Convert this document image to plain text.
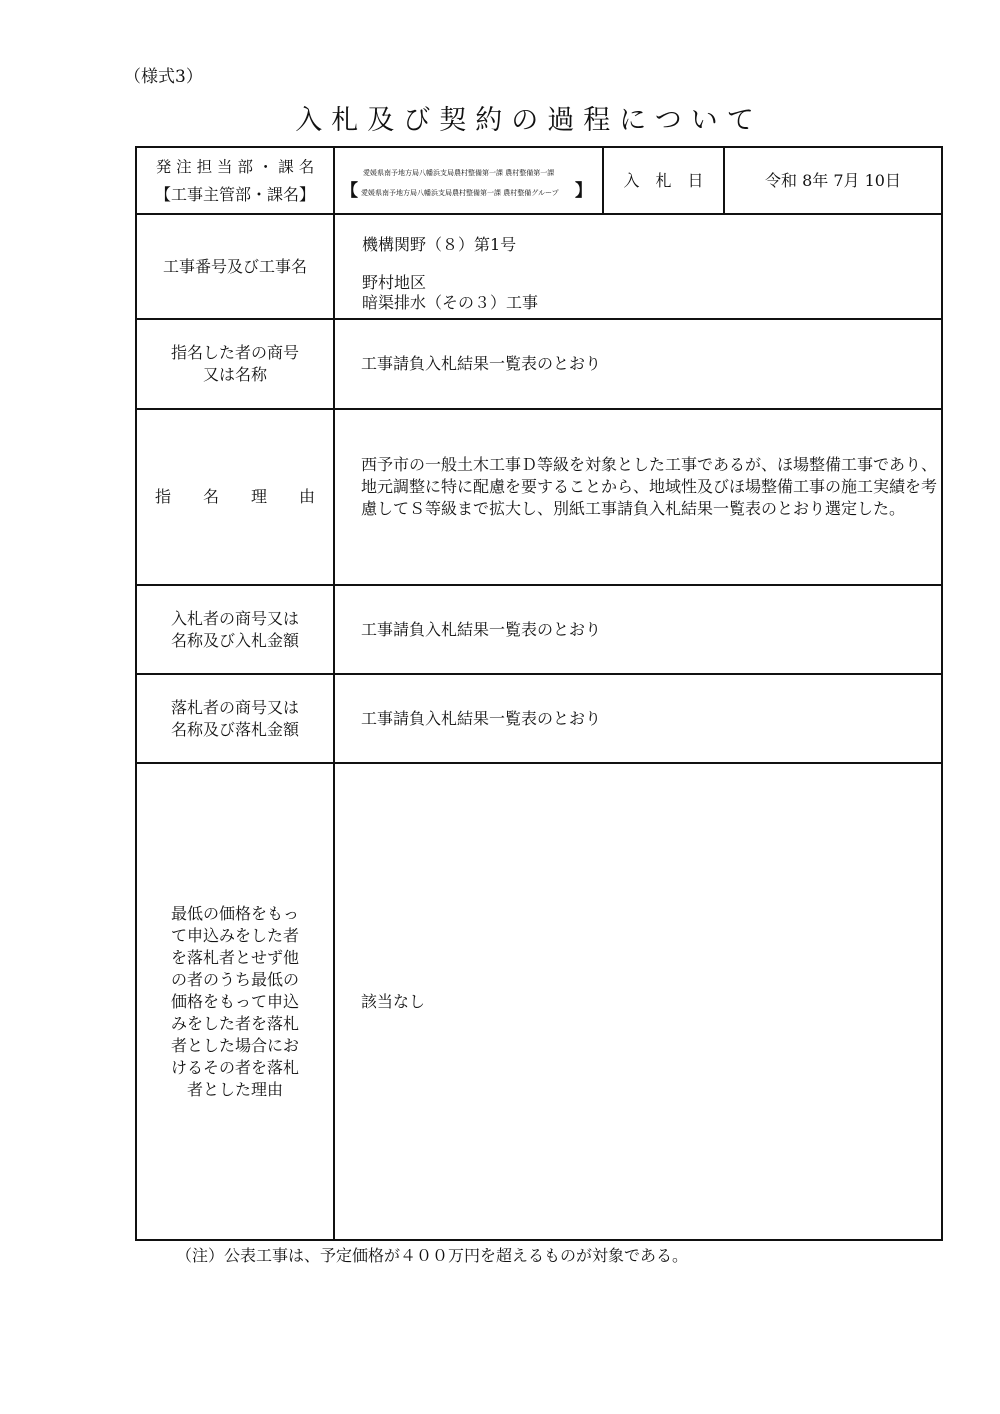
（様式3）
入札及び契約の過程について
発 注 担 当 部 ・ 課 名
【工事主管部・課名】
愛媛県南予地方局八幡浜支局農村整備第一課 農村整備第一課
【 愛媛県南予地方局八幡浜支局農村整備第一課 農村整備グループ 】
入　札　日	令和 8年 7月 10日
工事番号及び工事名
機構関野（８）第1号
野村地区
暗渠排水（その３）工事
指名した者の商号
又は名称
工事請負入札結果一覧表のとおり
指　　名　　理　　由
西予市の一般土木工事Ｄ等級を対象とした工事であるが、ほ場整備工事であり、地元調整に特に配慮を要することから、地域性及びほ場整備工事の施工実績を考慮してＳ等級まで拡大し、別紙工事請負入札結果一覧表のとおり選定した。
入札者の商号又は
名称及び入札金額
工事請負入札結果一覧表のとおり
落札者の商号又は
名称及び落札金額
工事請負入札結果一覧表のとおり
最低の価格をもっ
て申込みをした者
を落札者とせず他
の者のうち最低の
価格をもって申込
みをした者を落札
者とした場合にお
けるその者を落札
者とした理由
該当なし
（注）公表工事は、予定価格が４００万円を超えるものが対象である。
